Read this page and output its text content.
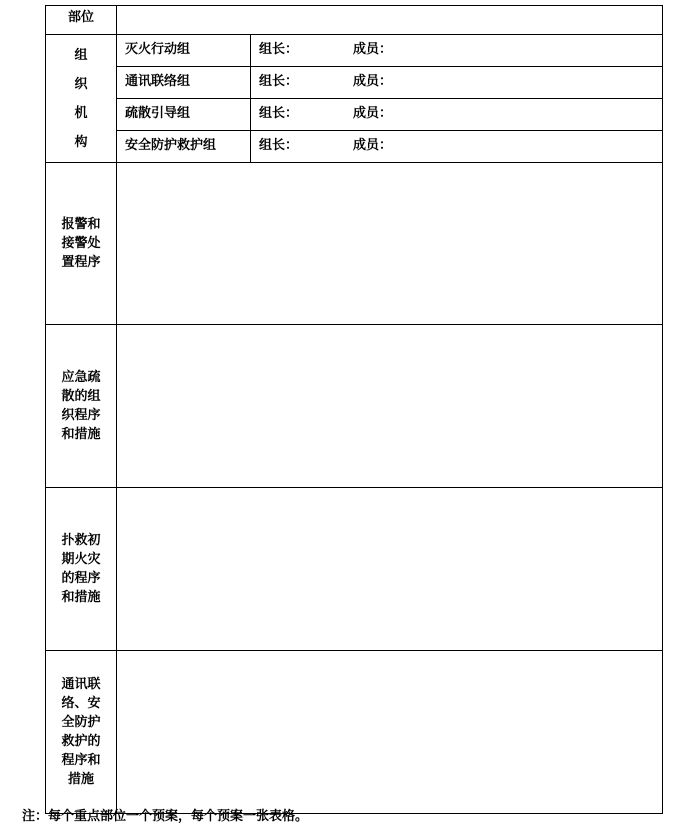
部位	

组
织
机
构

灭火行动组	组长：	成员：
通讯联络组	组长：	成员：
疏散引导组	组长：	成员：
安全防护救护组	组长：	成员：

报警和接警处置程序	
应急疏散的组织程序和措施	
扑救初期火灾的程序和措施	
通讯联络、安全防护救护的程序和措施	
注：每个重点部位一个预案，每个预案一张表格。
